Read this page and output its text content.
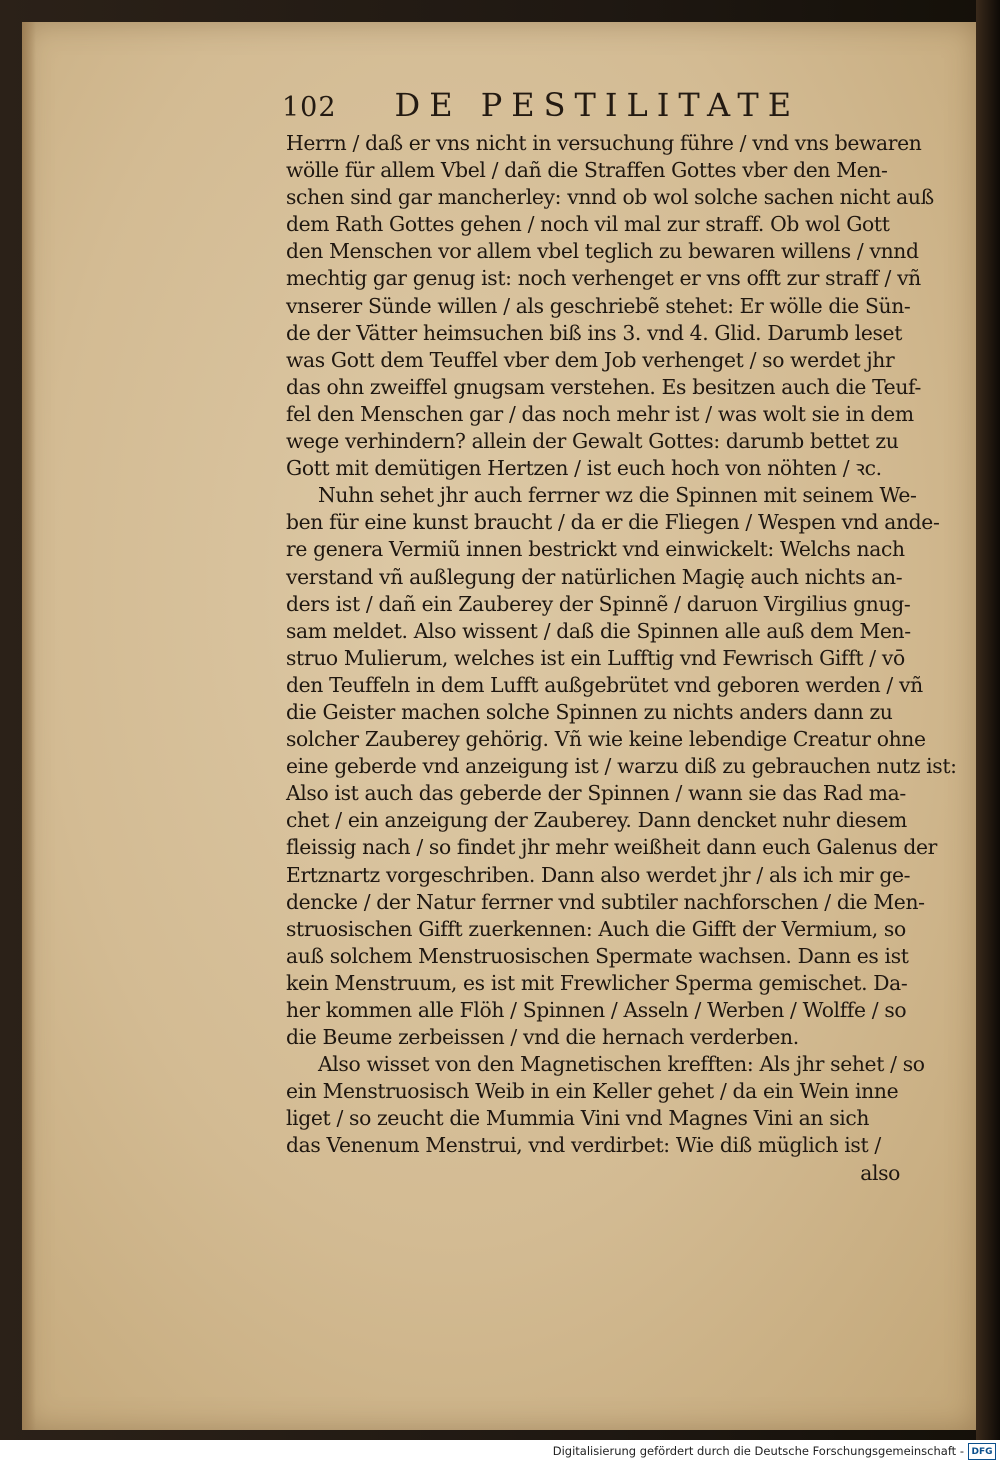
102 DE PESTILITATE
Herrn / daß er vns nicht in versuchung führe / vnd vns bewaren
wölle für allem Vbel / dañ die Straffen Gottes vber den Men-
schen sind gar mancherley: vnnd ob wol solche sachen nicht auß
dem Rath Gottes gehen / noch vil mal zur straff. Ob wol Gott
den Menschen vor allem vbel teglich zu bewaren willens / vnnd
mechtig gar genug ist: noch verhenget er vns offt zur straff / vñ
vnserer Sünde willen / als geschriebẽ stehet: Er wölle die Sün-
de der Vätter heimsuchen biß ins 3. vnd 4. Glid. Darumb leset
was Gott dem Teuffel vber dem Job verhenget / so werdet jhr
das ohn zweiffel gnugsam verstehen. Es besitzen auch die Teuf-
fel den Menschen gar / das noch mehr ist / was wolt sie in dem
wege verhindern? allein der Gewalt Gottes: darumb bettet zu
Gott mit demütigen Hertzen / ist euch hoch von nöhten / ꝛc.
Nuhn sehet jhr auch ferrner wz die Spinnen mit seinem We-
ben für eine kunst braucht / da er die Fliegen / Wespen vnd ande-
re genera Vermiũ innen bestrickt vnd einwickelt: Welchs nach
verstand vñ außlegung der natürlichen Magię auch nichts an-
ders ist / dañ ein Zauberey der Spinnẽ / daruon Virgilius gnug-
sam meldet. Also wissent / daß die Spinnen alle auß dem Men-
struo Mulierum, welches ist ein Lufftig vnd Fewrisch Gifft / vō
den Teuffeln in dem Lufft außgebrütet vnd geboren werden / vñ
die Geister machen solche Spinnen zu nichts anders dann zu
solcher Zauberey gehörig. Vñ wie keine lebendige Creatur ohne
eine geberde vnd anzeigung ist / warzu diß zu gebrauchen nutz ist:
Also ist auch das geberde der Spinnen / wann sie das Rad ma-
chet / ein anzeigung der Zauberey. Dann dencket nuhr diesem
fleissig nach / so findet jhr mehr weißheit dann euch Galenus der
Ertznartz vorgeschriben. Dann also werdet jhr / als ich mir ge-
dencke / der Natur ferrner vnd subtiler nachforschen / die Men-
struosischen Gifft zuerkennen: Auch die Gifft der Vermium, so
auß solchem Menstruosischen Spermate wachsen. Dann es ist
kein Menstruum, es ist mit Frewlicher Sperma gemischet. Da-
her kommen alle Flöh / Spinnen / Asseln / Werben / Wolffe / so
die Beume zerbeissen / vnd die hernach verderben.
Also wisset von den Magnetischen krefften: Als jhr sehet / so
ein Menstruosisch Weib in ein Keller gehet / da ein Wein inne
liget / so zeucht die Mummia Vini vnd Magnes Vini an sich
das Venenum Menstrui, vnd verdirbet: Wie diß müglich ist /
also
Digitalisierung gefördert durch die Deutsche Forschungsgemeinschaft - DFG
